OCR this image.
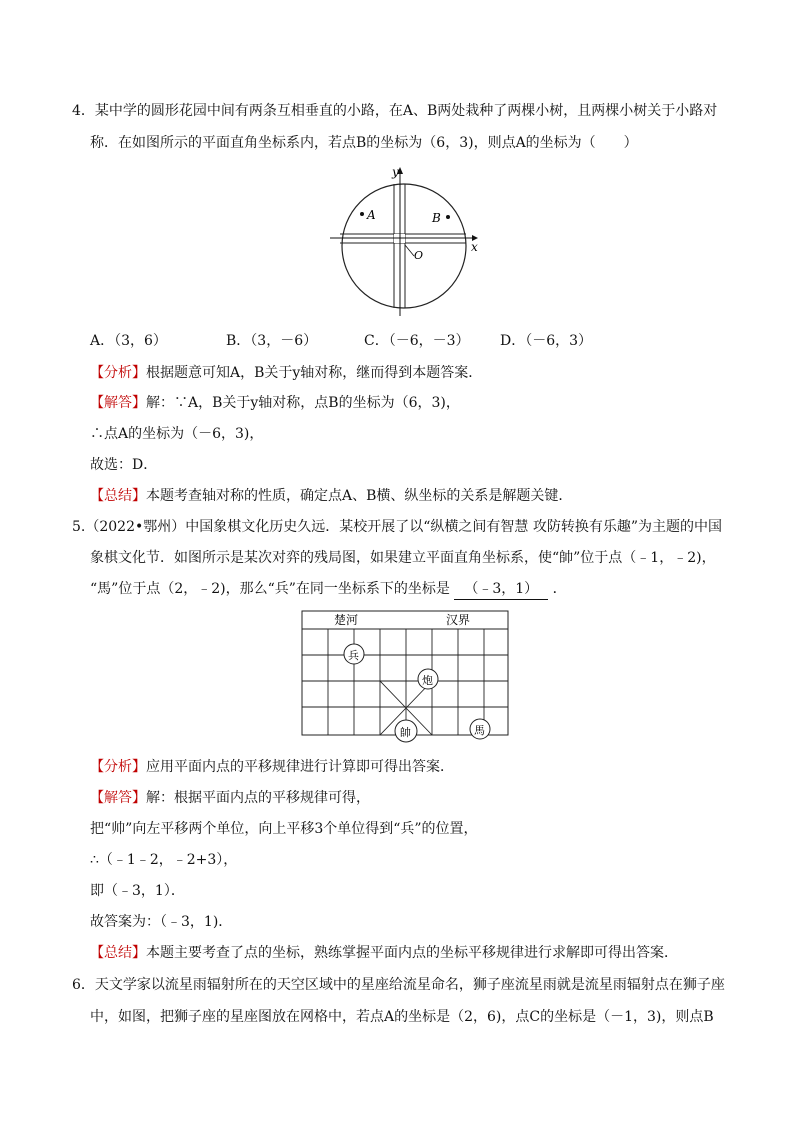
4．某中学的圆形花园中间有两条互相垂直的小路，在A、B两处栽种了两棵小树，且两棵小树关于小路对
称．在如图所示的平面直角坐标系内，若点B的坐标为（6，3)，则点A的坐标为（　　）
y
x
A	B
O
A．（3，6）	B．（3，－6）	C．（－6，－3） D．（－6，3）
【分析】根据题意可知A，B关于y轴对称，继而得到本题答案．
【解答】解：∵A，B关于y轴对称，点B的坐标为（6，3)，
∴点A的坐标为（－6，3)，
故选：D．
【总结】本题考查轴对称的性质，确定点A、B横、纵坐标的关系是解题关键．
5.（2022•鄂州）中国象棋文化历史久远．某校开展了以“纵横之间有智慧 攻防转换有乐趣”为主题的中国
象棋文化节．如图所示是某次对弈的残局图，如果建立平面直角坐标系，使“帥”位于点（﹣1，﹣2)，
“馬”位于点（2，﹣2)，那么“兵”在同一坐标系下的坐标是 （﹣3，1） ．
楚河	汉界
兵
炮
帥	馬
【分析】应用平面内点的平移规律进行计算即可得出答案．
【解答】解：根据平面内点的平移规律可得，
把“帅”向左平移两个单位，向上平移3个单位得到“兵”的位置，
∴（﹣1﹣2，﹣2+3），
即（﹣3，1）．
故答案为：（﹣3，1)．
【总结】本题主要考查了点的坐标，熟练掌握平面内点的坐标平移规律进行求解即可得出答案．
6．天文学家以流星雨辐射所在的天空区域中的星座给流星命名，狮子座流星雨就是流星雨辐射点在狮子座
中，如图，把狮子座的星座图放在网格中，若点A的坐标是（2，6)，点C的坐标是（－1，3)，则点B
